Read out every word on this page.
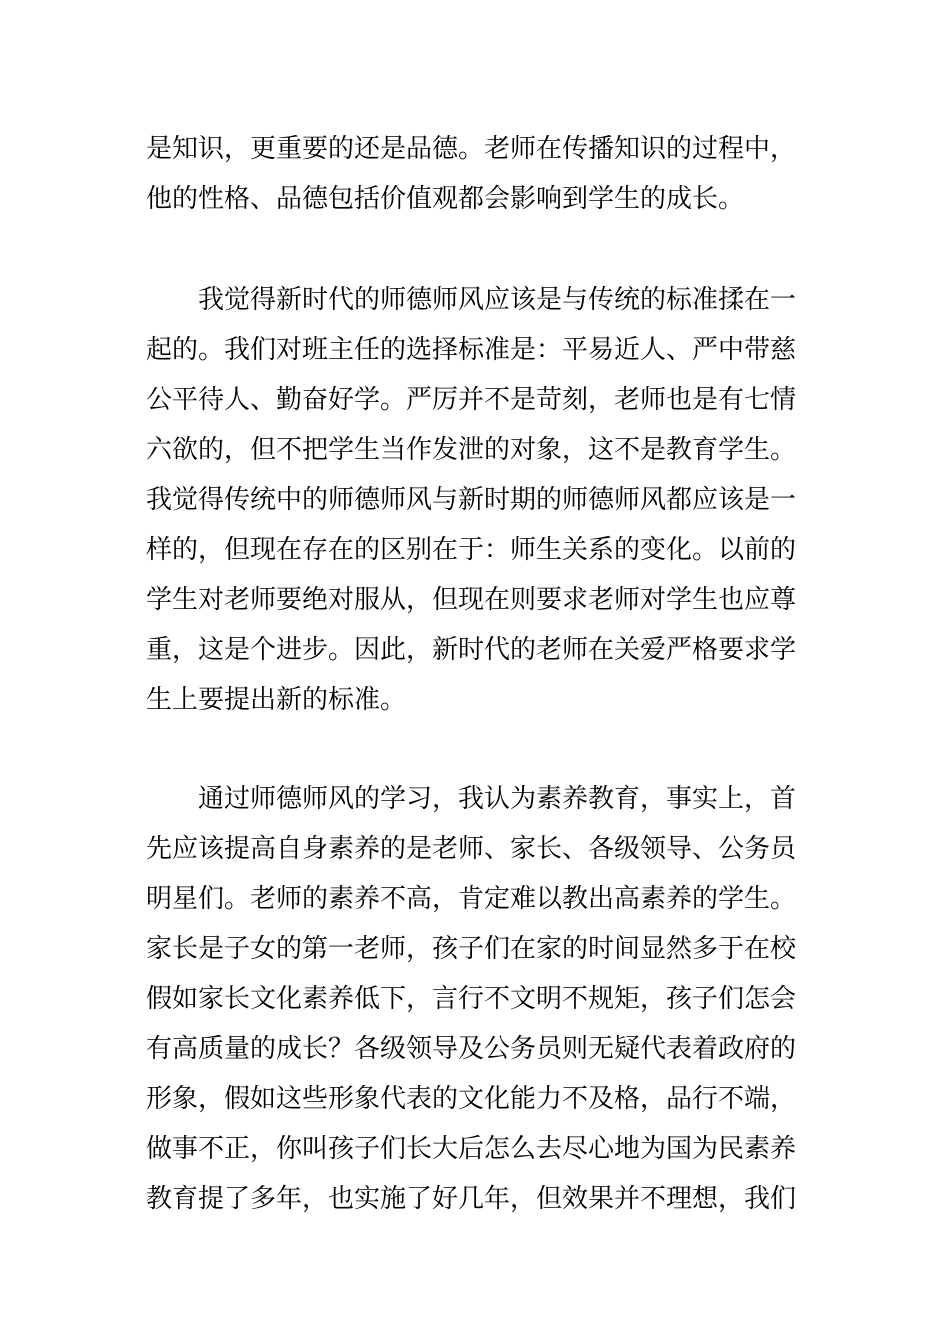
是知识，更重要的还是品德。老师在传播知识的过程中，
他的性格、品德包括价值观都会影响到学生的成长。
　　我觉得新时代的师德师风应该是与传统的标准揉在一
起的。我们对班主任的选择标准是：平易近人、严中带慈
公平待人、勤奋好学。严厉并不是苛刻，老师也是有七情
六欲的，但不把学生当作发泄的对象，这不是教育学生。
我觉得传统中的师德师风与新时期的师德师风都应该是一
样的，但现在存在的区别在于：师生关系的变化。以前的
学生对老师要绝对服从，但现在则要求老师对学生也应尊
重，这是个进步。因此，新时代的老师在关爱严格要求学
生上要提出新的标准。
　　通过师德师风的学习，我认为素养教育，事实上，首
先应该提高自身素养的是老师、家长、各级领导、公务员
明星们。老师的素养不高，肯定难以教出高素养的学生。
家长是子女的第一老师，孩子们在家的时间显然多于在校
假如家长文化素养低下，言行不文明不规矩，孩子们怎会
有高质量的成长？各级领导及公务员则无疑代表着政府的
形象，假如这些形象代表的文化能力不及格，品行不端，
做事不正，你叫孩子们长大后怎么去尽心地为国为民素养
教育提了多年，也实施了好几年，但效果并不理想，我们
